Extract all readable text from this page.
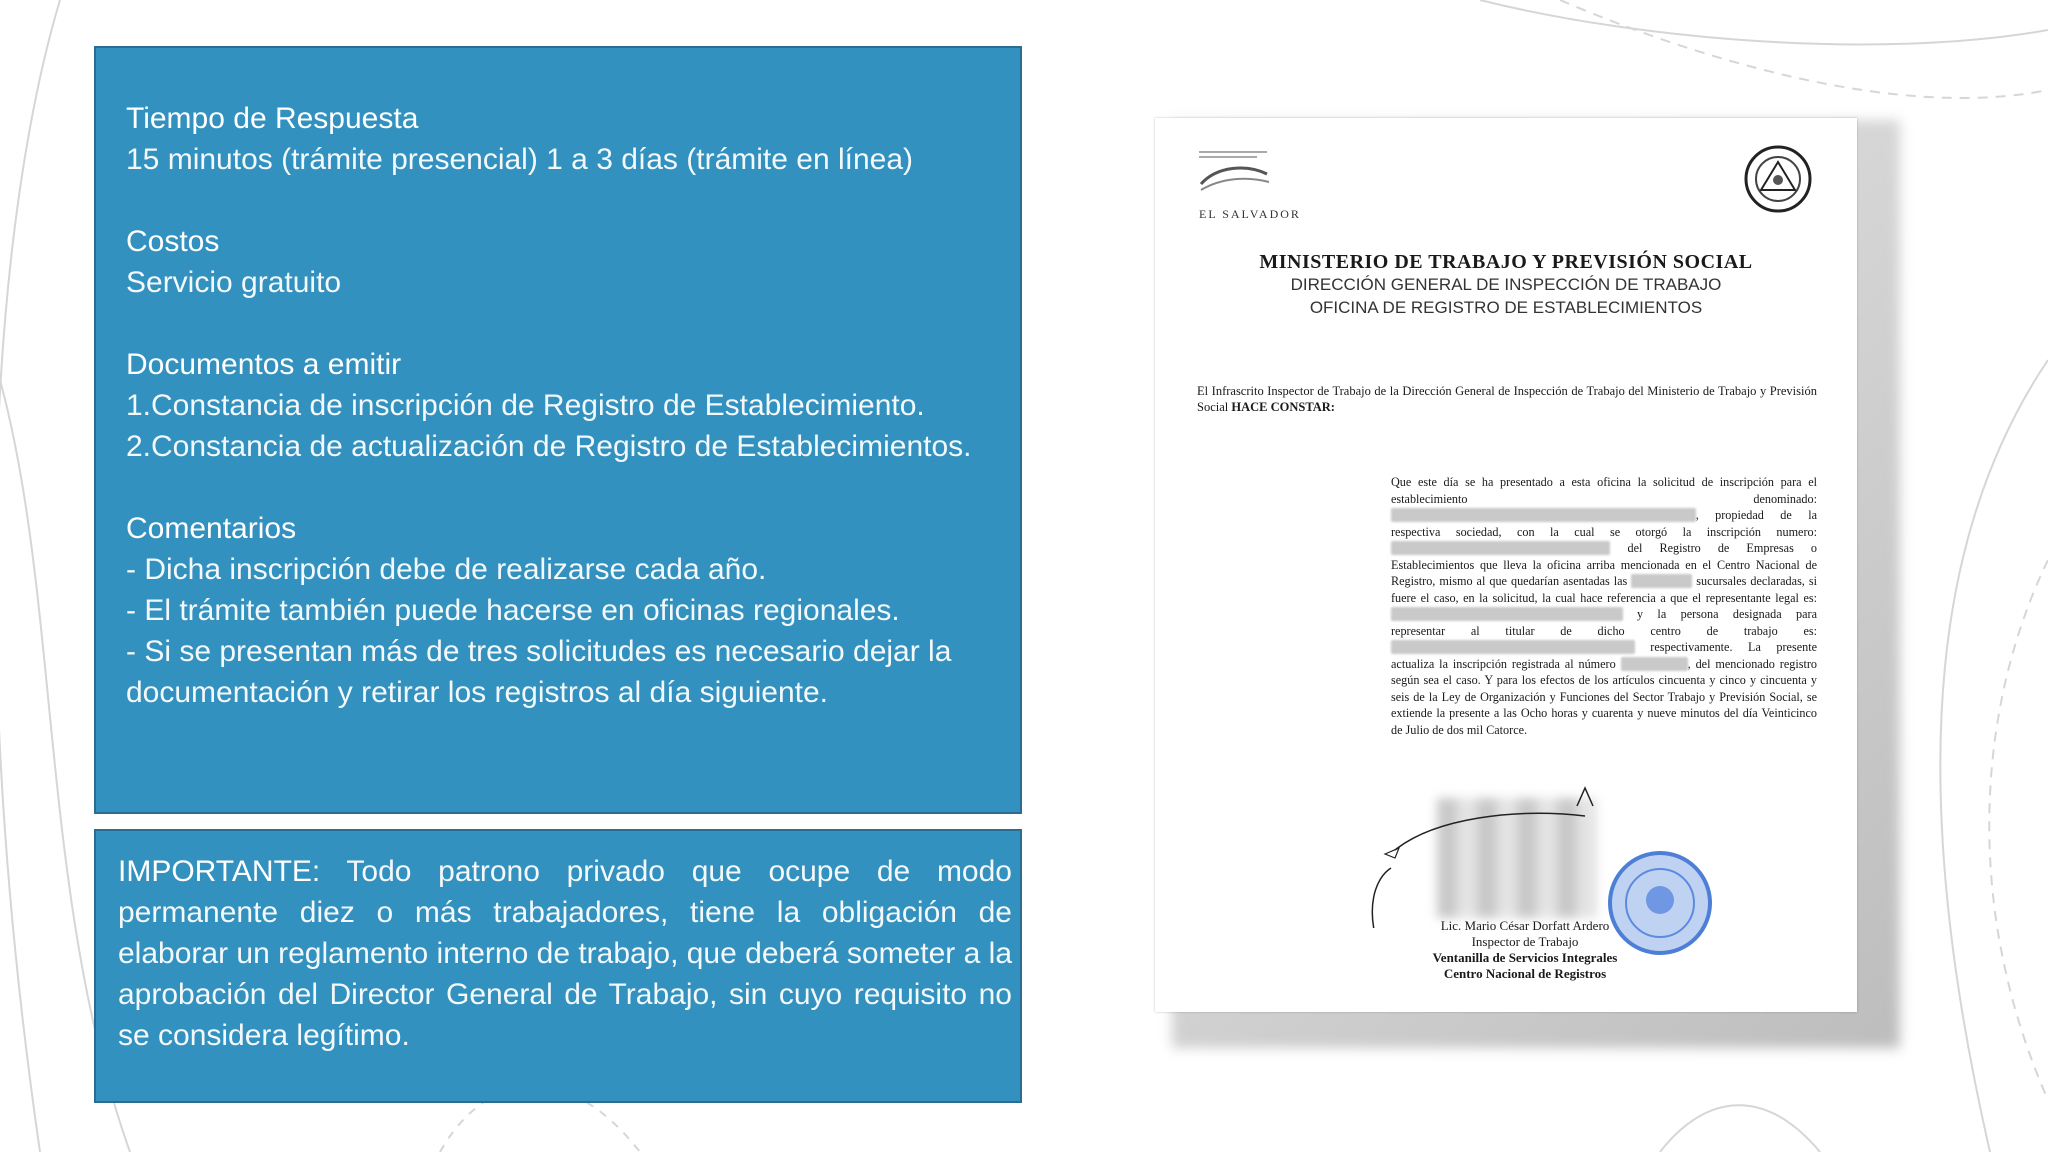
Tiempo de Respuesta
15 minutos (trámite presencial) 1 a 3 días (trámite en línea)
Costos
Servicio gratuito
Documentos a emitir
1.Constancia de inscripción de Registro de Establecimiento.
2.Constancia de actualización de Registro de Establecimientos.
Comentarios
- Dicha inscripción debe de realizarse cada año.
- El trámite también puede hacerse en oficinas regionales.
- Si se presentan más de tres solicitudes es necesario dejar la
documentación y retirar los registros al día siguiente.
IMPORTANTE: Todo patrono privado que ocupe de modo permanente diez o más trabajadores, tiene la obligación de elaborar un reglamento interno de trabajo, que deberá someter a la aprobación del Director General de Trabajo, sin cuyo requisito no se considera legítimo.
EL SALVADOR
MINISTERIO DE TRABAJO Y PREVISIÓN SOCIAL
DIRECCIÓN GENERAL DE INSPECCIÓN DE TRABAJO
OFICINA DE REGISTRO DE ESTABLECIMIENTOS
El Infrascrito Inspector de Trabajo de la Dirección General de Inspección de Trabajo del Ministerio de Trabajo y Previsión Social HACE CONSTAR:
Que este día se ha presentado a esta oficina la solicitud de inscripción para el establecimiento denominado: , propiedad de la respectiva sociedad, con la cual se otorgó la inscripción numero: del Registro de Empresas o Establecimientos que lleva la oficina arriba mencionada en el Centro Nacional de Registro, mismo al que quedarían asentadas las	sucursales declaradas, si fuere el caso, en la solicitud, la cual hace referencia a que el representante legal es: y la persona designada para representar al titular de dicho centro de trabajo es: respectivamente. La presente actualiza la inscripción registrada al número	, del mencionado registro según sea el caso. Y para los efectos de los artículos cincuenta y cinco y cincuenta y seis de la Ley de Organización y Funciones del Sector Trabajo y Previsión Social, se extiende la presente a las Ocho horas y cuarenta y nueve minutos del día Veinticinco de Julio de dos mil Catorce.
Lic. Mario César Dorfatt Ardero
Inspector de Trabajo
Ventanilla de Servicios Integrales
Centro Nacional de Registros
